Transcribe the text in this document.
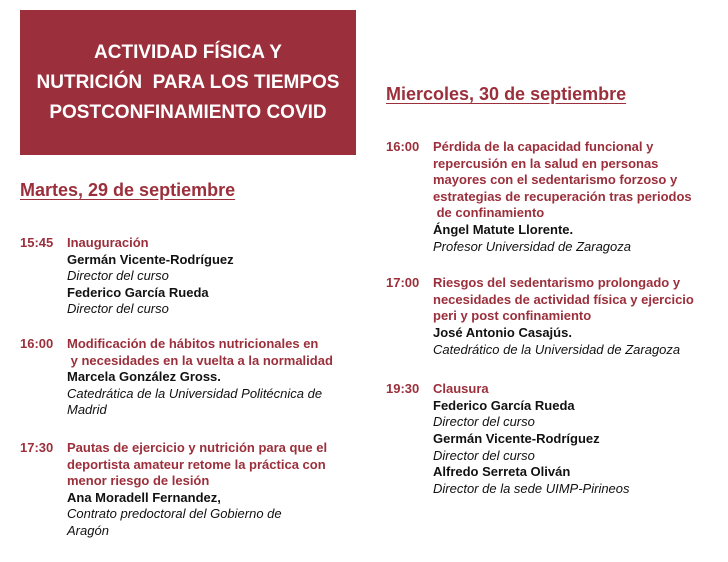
ACTIVIDAD FÍSICA Y
NUTRICIÓN  PARA LOS TIEMPOS
POSTCONFINAMIENTO COVID

Martes, 29 de septiembre
Miercoles, 30 de septiembre
15:45	Inauguración
Germán Vicente-Rodríguez
Director del curso
Federico García Rueda
Director del curso
16:00	Modificación de hábitos nutricionales en
y necesidades en la vuelta a la normalidad
Marcela González Gross.
Catedrática de la Universidad Politécnica de
Madrid
17:30	Pautas de ejercicio y nutrición para que el
deportista amateur retome la práctica con
menor riesgo de lesión
Ana Moradell Fernandez,
Contrato predoctoral del Gobierno de
Aragón
16:00	Pérdida de la capacidad funcional y
repercusión en la salud en personas
mayores con el sedentarismo forzoso y
estrategias de recuperación tras periodos
de confinamiento
Ángel Matute Llorente.
Profesor Universidad de Zaragoza
17:00	Riesgos del sedentarismo prolongado y
necesidades de actividad física y ejercicio
peri y post confinamiento
José Antonio Casajús.
Catedrático de la Universidad de Zaragoza
19:30	Clausura
Federico García Rueda
Director del curso
Germán Vicente-Rodríguez
Director del curso
Alfredo Serreta Oliván
Director de la sede UIMP-Pirineos
